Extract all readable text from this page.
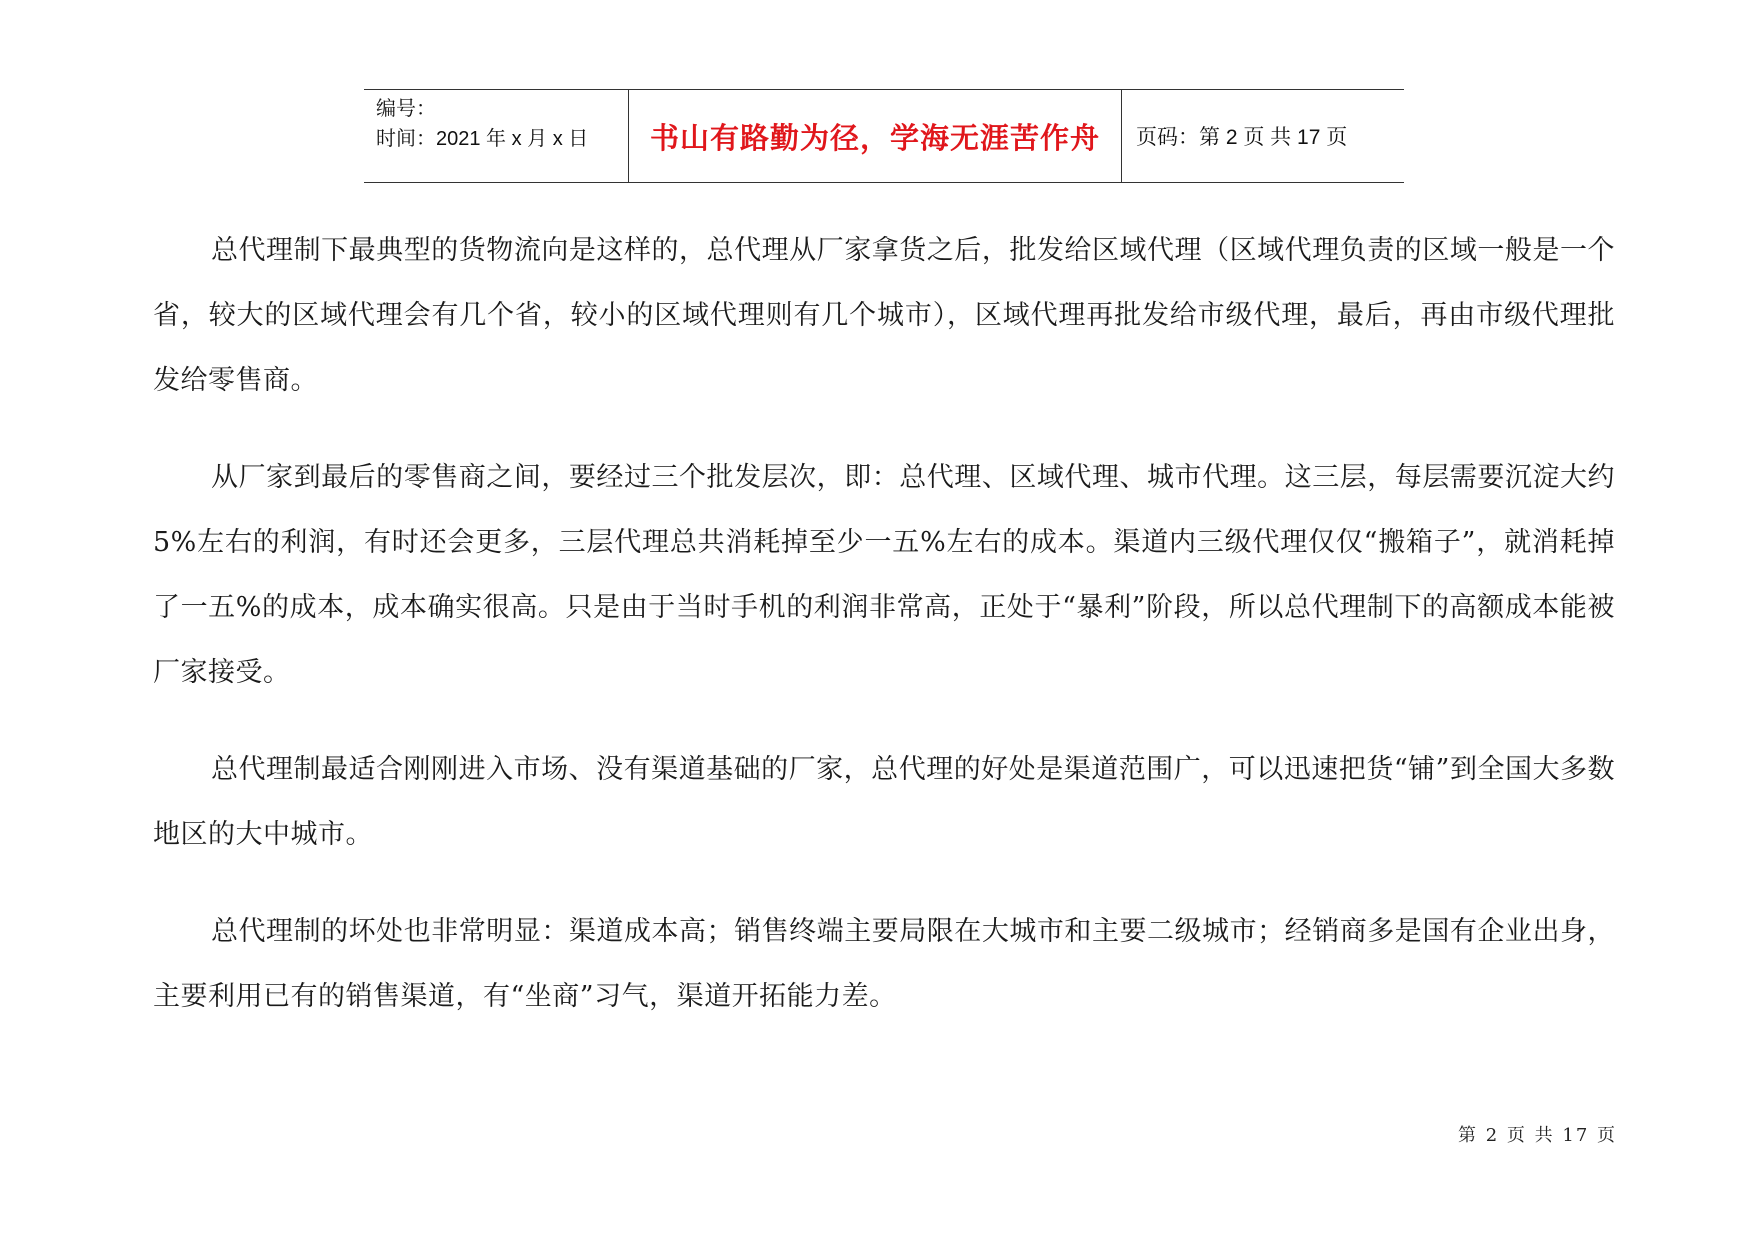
编号：
时间：2021 年 x 月 x 日	书山有路勤为径，学海无涯苦作舟 页码：第 2 页 共 17 页

总代理制下最典型的货物流向是这样的，总代理从厂家拿货之后，批发给区域代理（区域代理负责的区域一般是一个省，较大的区域代理会有几个省，较小的区域代理则有几个城市），区域代理再批发给市级代理，最后，再由市级代理批发给零售商。

从厂家到最后的零售商之间，要经过三个批发层次，即：总代理、区域代理、城市代理。这三层，每层需要沉淀大约 5%左右的利润，有时还会更多，三层代理总共消耗掉至少一五%左右的成本。渠道内三级代理仅仅“搬箱子”，就消耗掉了一五%的成本，成本确实很高。只是由于当时手机的利润非常高，正处于“暴利”阶段，所以总代理制下的高额成本能被厂家接受。

总代理制最适合刚刚进入市场、没有渠道基础的厂家，总代理的好处是渠道范围广，可以迅速把货“铺”到全国大多数地区的大中城市。

总代理制的坏处也非常明显：渠道成本高；销售终端主要局限在大城市和主要二级城市；经销商多是国有企业出身，主要利用已有的销售渠道，有“坐商”习气，渠道开拓能力差。

第 2 页 共 17 页
